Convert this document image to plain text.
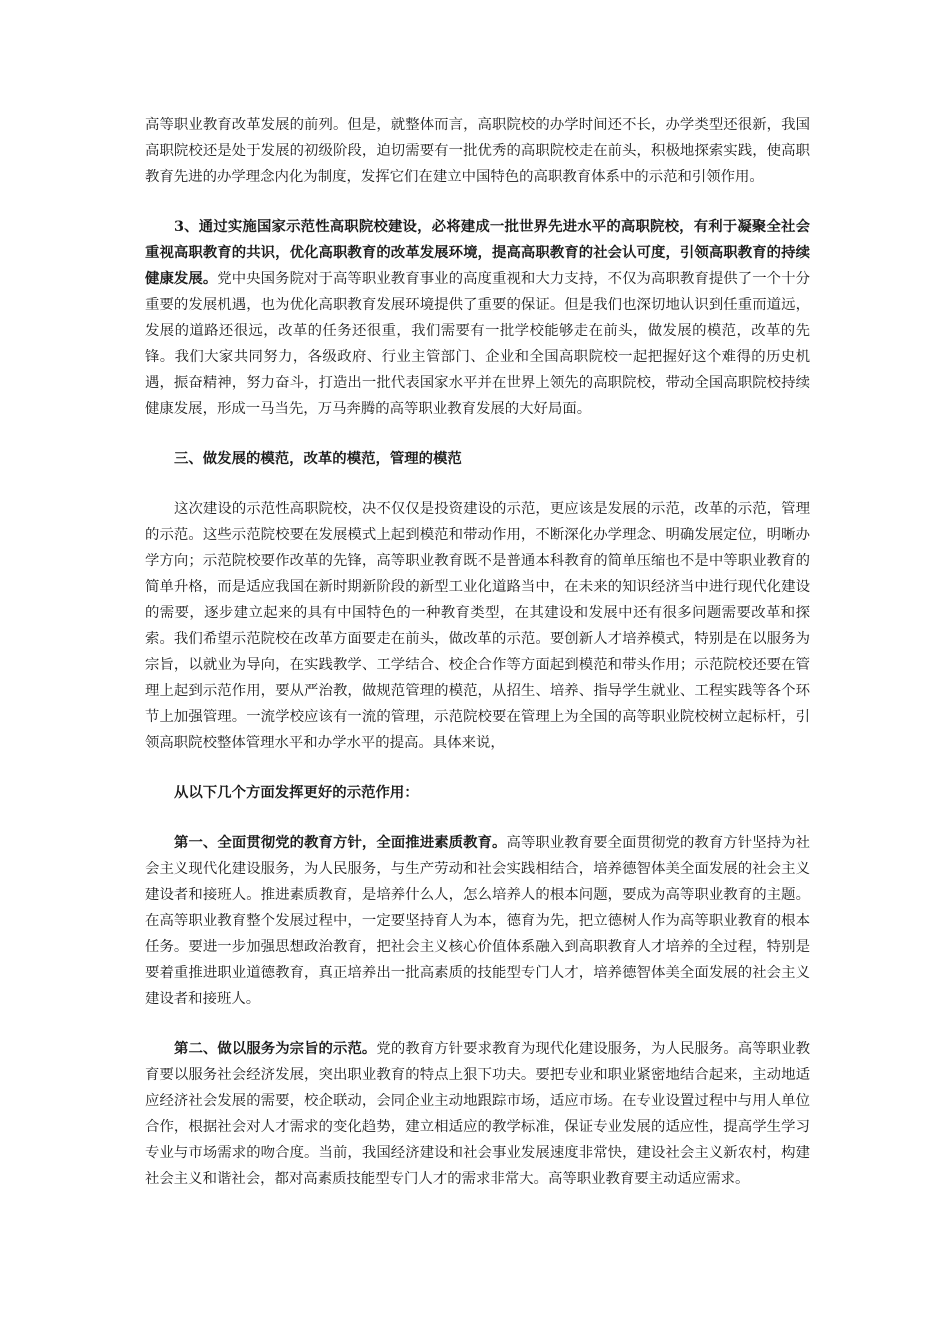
高等职业教育改革发展的前列。但是，就整体而言，高职院校的办学时间还不长，办学类型还很新，我国高职院校还是处于发展的初级阶段，迫切需要有一批优秀的高职院校走在前头，积极地探索实践，使高职教育先进的办学理念内化为制度，发挥它们在建立中国特色的高职教育体系中的示范和引领作用。

3、通过实施国家示范性高职院校建设，必将建成一批世界先进水平的高职院校，有利于凝聚全社会重视高职教育的共识，优化高职教育的改革发展环境，提高高职教育的社会认可度，引领高职教育的持续健康发展。党中央国务院对于高等职业教育事业的高度重视和大力支持，不仅为高职教育提供了一个十分重要的发展机遇，也为优化高职教育发展环境提供了重要的保证。但是我们也深切地认识到任重而道远，发展的道路还很远，改革的任务还很重，我们需要有一批学校能够走在前头，做发展的模范，改革的先锋。我们大家共同努力，各级政府、行业主管部门、企业和全国高职院校一起把握好这个难得的历史机遇，振奋精神，努力奋斗，打造出一批代表国家水平并在世界上领先的高职院校，带动全国高职院校持续健康发展，形成一马当先，万马奔腾的高等职业教育发展的大好局面。

三、做发展的模范，改革的模范，管理的模范

这次建设的示范性高职院校，决不仅仅是投资建设的示范，更应该是发展的示范，改革的示范，管理的示范。这些示范院校要在发展模式上起到模范和带动作用，不断深化办学理念、明确发展定位，明晰办学方向；示范院校要作改革的先锋，高等职业教育既不是普通本科教育的简单压缩也不是中等职业教育的简单升格，而是适应我国在新时期新阶段的新型工业化道路当中，在未来的知识经济当中进行现代化建设的需要，逐步建立起来的具有中国特色的一种教育类型，在其建设和发展中还有很多问题需要改革和探索。我们希望示范院校在改革方面要走在前头，做改革的示范。要创新人才培养模式，特别是在以服务为宗旨，以就业为导向，在实践教学、工学结合、校企合作等方面起到模范和带头作用；示范院校还要在管理上起到示范作用，要从严治教，做规范管理的模范，从招生、培养、指导学生就业、工程实践等各个环节上加强管理。一流学校应该有一流的管理，示范院校要在管理上为全国的高等职业院校树立起标杆，引领高职院校整体管理水平和办学水平的提高。具体来说，

从以下几个方面发挥更好的示范作用：

第一、全面贯彻党的教育方针，全面推进素质教育。高等职业教育要全面贯彻党的教育方针坚持为社会主义现代化建设服务，为人民服务，与生产劳动和社会实践相结合，培养德智体美全面发展的社会主义建设者和接班人。推进素质教育，是培养什么人，怎么培养人的根本问题，要成为高等职业教育的主题。在高等职业教育整个发展过程中，一定要坚持育人为本，德育为先，把立德树人作为高等职业教育的根本任务。要进一步加强思想政治教育，把社会主义核心价值体系融入到高职教育人才培养的全过程，特别是要着重推进职业道德教育，真正培养出一批高素质的技能型专门人才，培养德智体美全面发展的社会主义建设者和接班人。

第二、做以服务为宗旨的示范。党的教育方针要求教育为现代化建设服务，为人民服务。高等职业教育要以服务社会经济发展，突出职业教育的特点上狠下功夫。要把专业和职业紧密地结合起来，主动地适应经济社会发展的需要，校企联动，会同企业主动地跟踪市场，适应市场。在专业设置过程中与用人单位合作，根据社会对人才需求的变化趋势，建立相适应的教学标准，保证专业发展的适应性，提高学生学习专业与市场需求的吻合度。当前，我国经济建设和社会事业发展速度非常快，建设社会主义新农村，构建社会主义和谐社会，都对高素质技能型专门人才的需求非常大。高等职业教育要主动适应需求。
